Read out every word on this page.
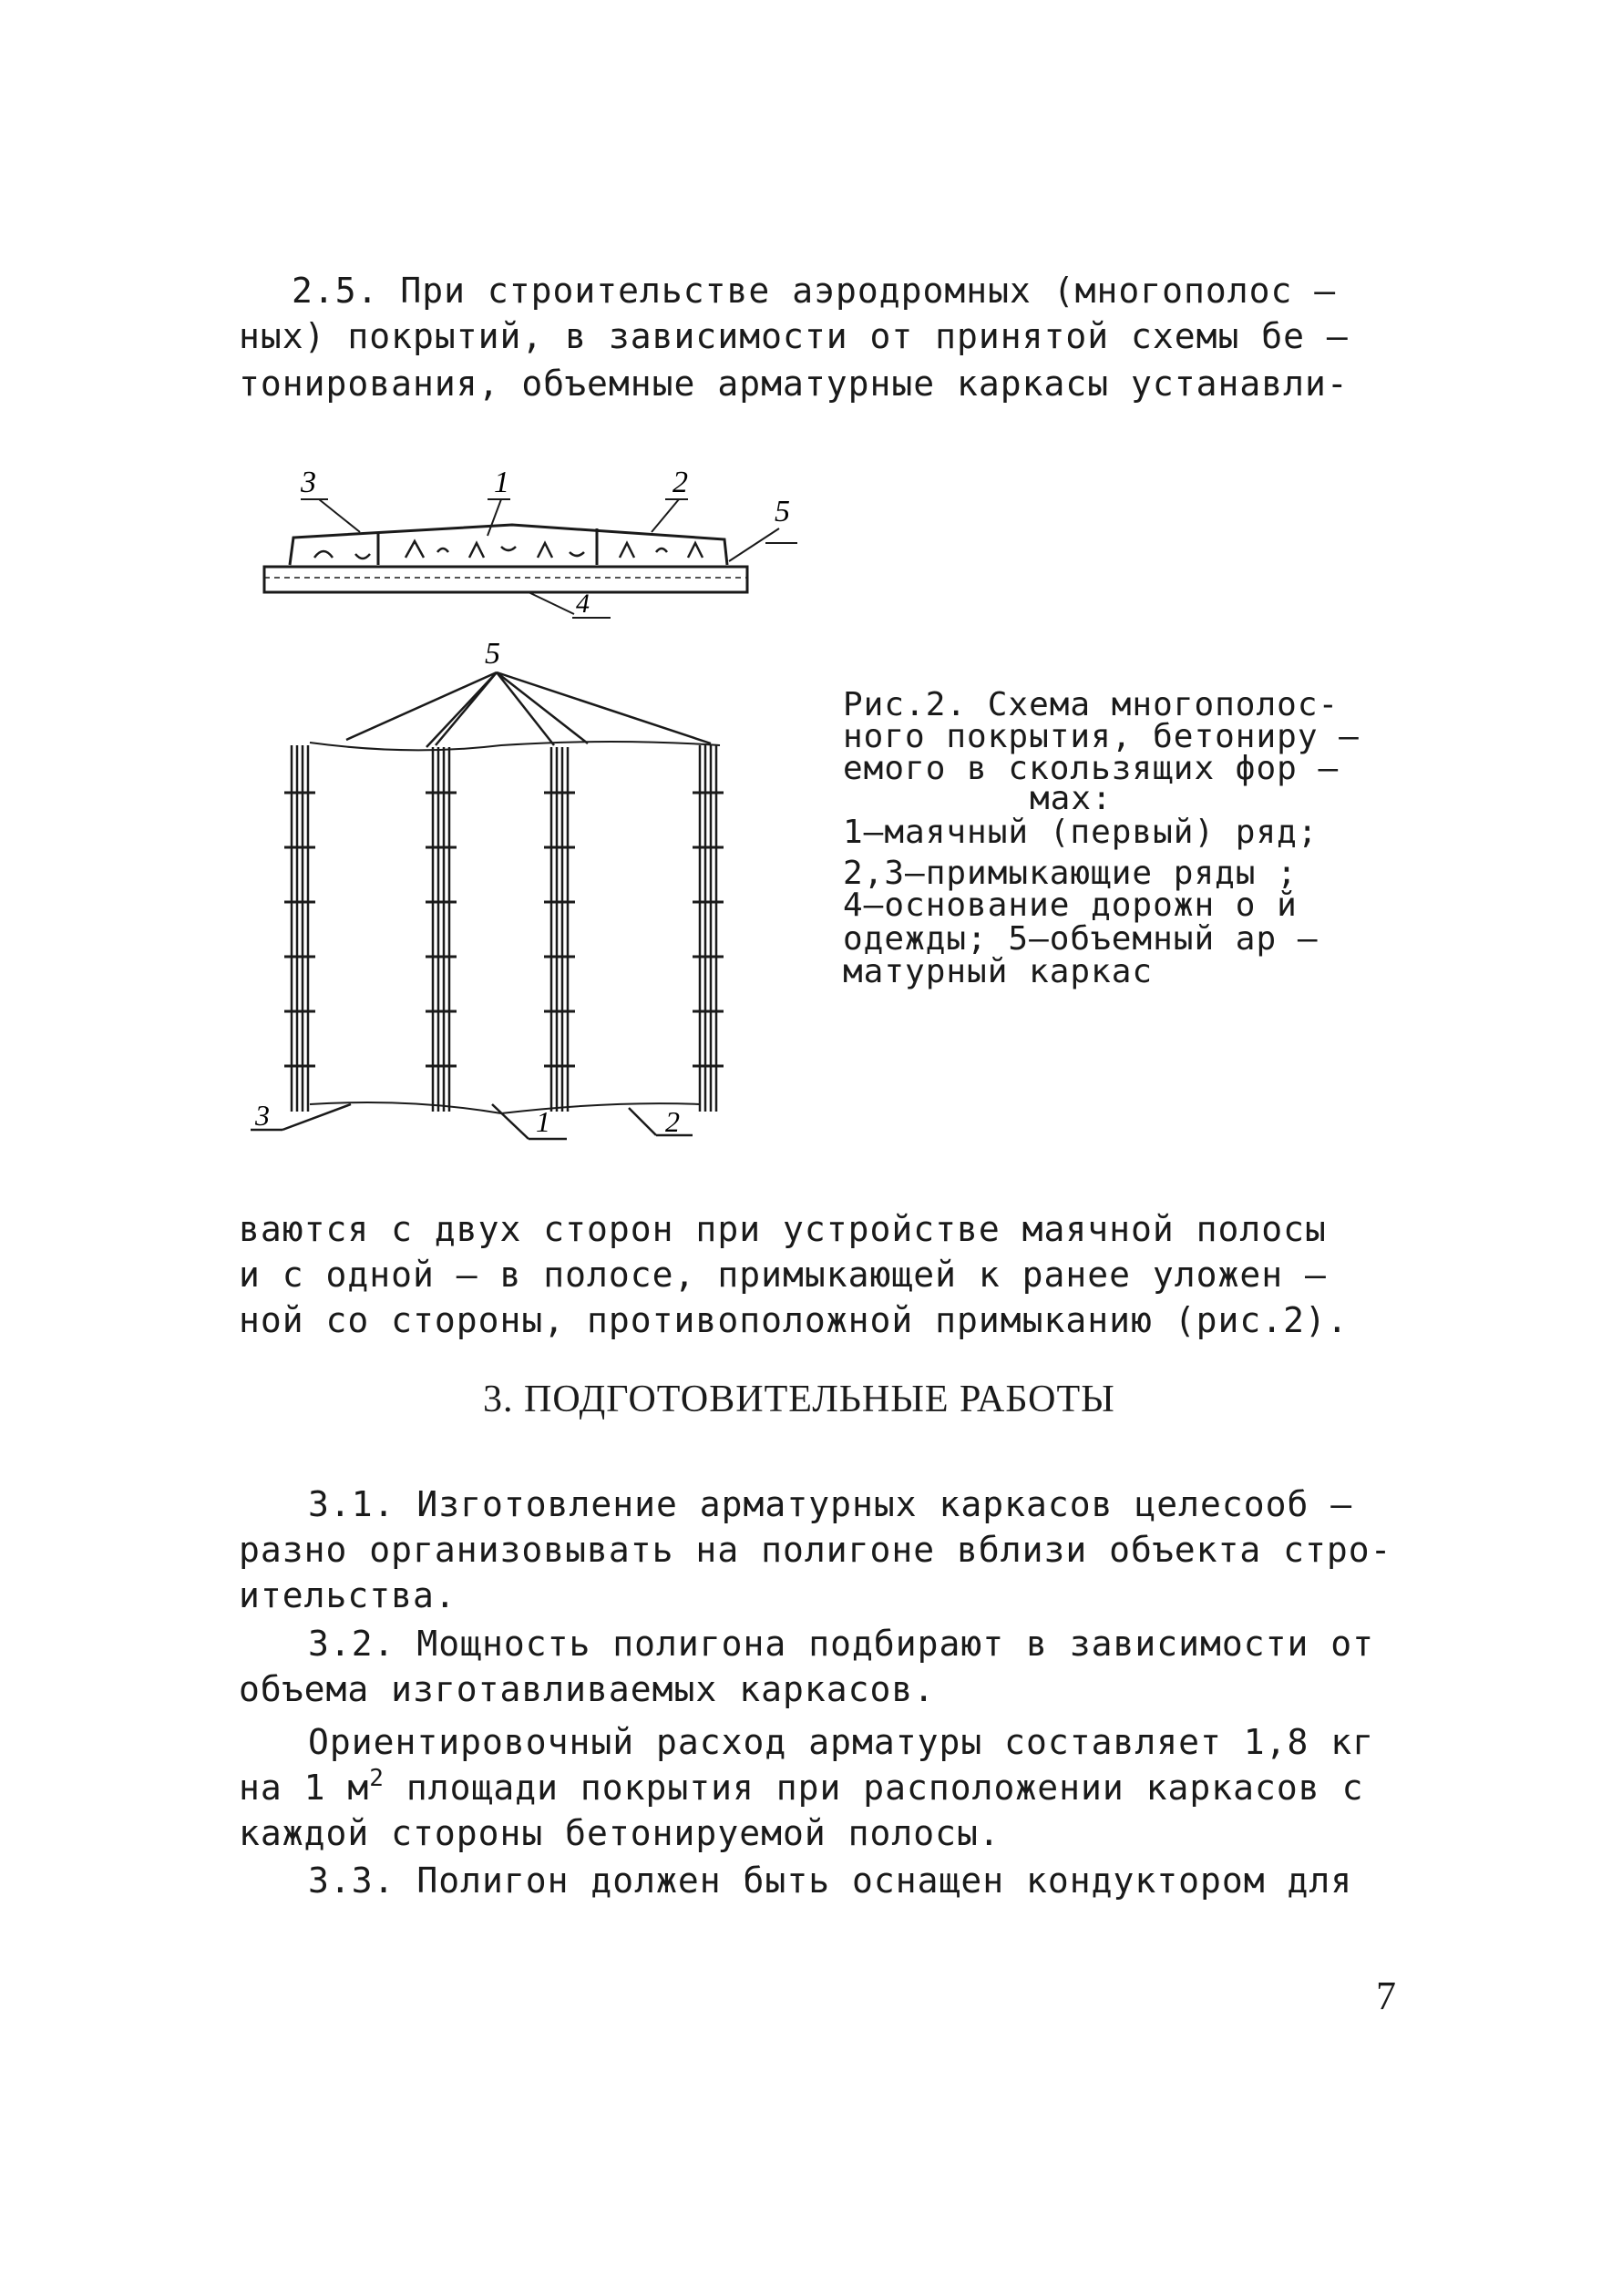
2.5. При строительстве аэродромных (многополос –
ных) покрытий, в зависимости от принятой схемы бе –
тонирования, объемные арматурные каркасы устанавли-
3	1	2
5
4
5
3	1	2
Рис.2. Схема многополос-
ного покрытия, бетониру –
емого в скользящих фор –
мах:
1–маячный (первый) ряд;
2,3–примыкающие ряды ;
4–основание дорожн о й
одежды; 5–объемный ар –
матурный каркас
ваются с двух сторон при устройстве маячной полосы
и с одной – в полосе, примыкающей к ранее уложен –
ной со стороны, противоположной примыканию (рис.2).
3. ПОДГОТОВИТЕЛЬНЫЕ РАБОТЫ
3.1. Изготовление арматурных каркасов целесооб –
разно организовывать на полигоне вблизи объекта стро-
ительства.
3.2. Мощность полигона подбирают в зависимости от
объема изготавливаемых каркасов.
Ориентировочный расход арматуры составляет 1,8 кг
на 1 $м^2$ площади покрытия при расположении каркасов с
каждой стороны бетонируемой полосы.
3.3. Полигон должен быть оснащен кондуктором для
7
